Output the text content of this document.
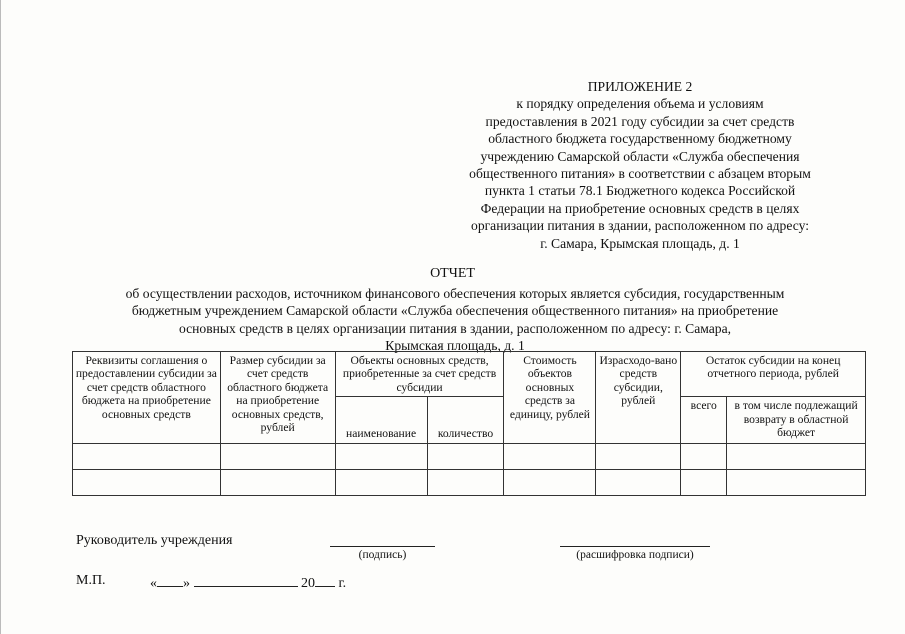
ПРИЛОЖЕНИЕ 2
к порядку определения объема и условиям
предоставления в 2021 году субсидии за счет средств
областного бюджета государственному бюджетному
учреждению Самарской области «Служба обеспечения
общественного питания» в соответствии с абзацем вторым
пункта 1 статьи 78.1 Бюджетного кодекса Российской
Федерации на приобретение основных средств в целях
организации питания в здании, расположенном по адресу:
г. Самара, Крымская площадь, д. 1
ОТЧЕТ
об осуществлении расходов, источником финансового обеспечения которых является субсидия, государственным
бюджетным учреждением Самарской области «Служба обеспечения общественного питания» на приобретение
основных средств в целях организации питания в здании, расположенном по адресу: г. Самара,
Крымская площадь, д. 1
Реквизиты соглашения о предоставлении субсидии за счет средств областного бюджета на приобретение основных средств	Размер субсидии за счет средств областного бюджета на приобретение основных средств, рублей	Объекты основных средств, приобретенные за счет средств субсидии		Стоимость объектов основных средств за единицу, рублей	Израсходо-вано средств субсидии, рублей	Остаток субсидии на конец отчетного периода, рублей	
		наименование	количество			всего	в том числе подлежащий возврату в областной бюджет

Руководитель учреждения
(подпись)	(расшифровка подписи)
М.П.	« »	20 г.
